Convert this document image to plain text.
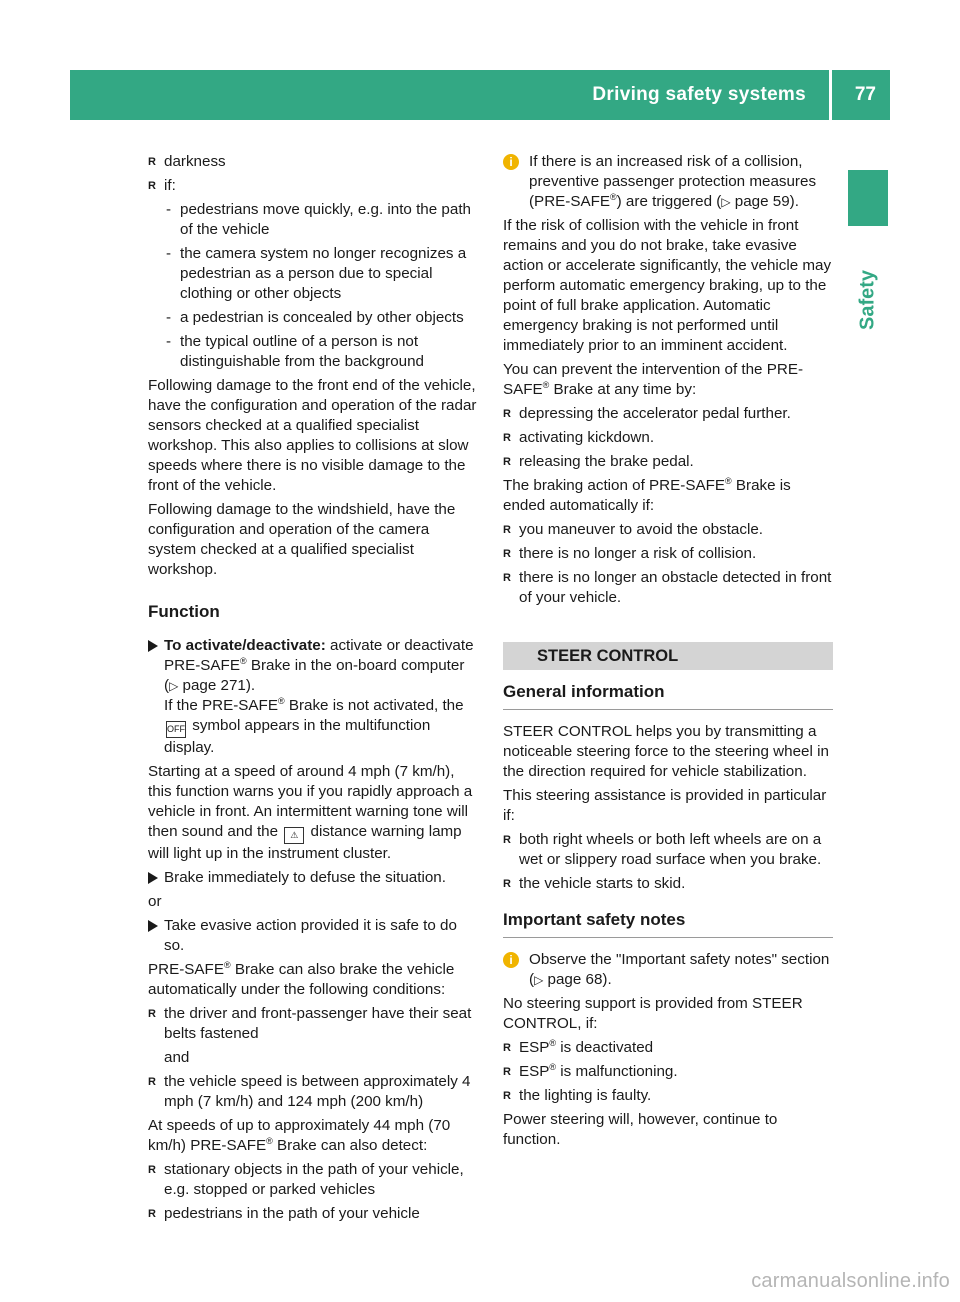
Driving safety systems	77
Safety
R darkness
R if:
- pedestrians move quickly, e.g. into the path of the vehicle
- the camera system no longer recognizes a pedestrian as a person due to special clothing or other objects
- a pedestrian is concealed by other objects
- the typical outline of a person is not distinguishable from the background

Following damage to the front end of the vehicle, have the configuration and operation of the radar sensors checked at a qualified specialist workshop. This also applies to collisions at slow speeds where there is no visible damage to the front of the vehicle.

Following damage to the windshield, have the configuration and operation of the camera system checked at a qualified specialist workshop.

Function
To activate/deactivate: activate or deactivate PRE-SAFE® Brake in the on-board computer (▷ page 271).
If the PRE-SAFE® Brake is not activated, the
OFF symbol appears in the multifunction display.

Starting at a speed of around 4 mph (7 km/h), this function warns you if you rapidly approach a vehicle in front. An intermittent warning tone will then sound and the ⚠ distance warning lamp will light up in the instrument cluster.

Brake immediately to defuse the situation.

or

Take evasive action provided it is safe to do so.

PRE-SAFE® Brake can also brake the vehicle automatically under the following conditions:

R the driver and front-passenger have their seat belts fastened

and

R the vehicle speed is between approximately 4 mph (7 km/h) and 124 mph (200 km/h)

At speeds of up to approximately 44 mph (70 km/h) PRE-SAFE® Brake can also detect:

R stationary objects in the path of your vehicle, e.g. stopped or parked vehicles
R pedestrians in the path of your vehicle
i	If there is an increased risk of a collision, preventive passenger protection measures (PRE-SAFE®) are triggered (▷ page 59).

If the risk of collision with the vehicle in front remains and you do not brake, take evasive action or accelerate significantly, the vehicle may perform automatic emergency braking, up to the point of full brake application. Automatic emergency braking is not performed until immediately prior to an imminent accident.

You can prevent the intervention of the PRE-SAFE® Brake at any time by:

R depressing the accelerator pedal further.
R activating kickdown.
R releasing the brake pedal.

The braking action of PRE-SAFE® Brake is ended automatically if:

R you maneuver to avoid the obstacle.
R there is no longer a risk of collision.
R there is no longer an obstacle detected in front of your vehicle.
STEER CONTROL
General information

STEER CONTROL helps you by transmitting a noticeable steering force to the steering wheel in the direction required for vehicle stabilization.

This steering assistance is provided in particular if:

R both right wheels or both left wheels are on a wet or slippery road surface when you brake.
R the vehicle starts to skid.
Important safety notes
i	Observe the "Important safety notes" section (▷ page 68).

No steering support is provided from STEER CONTROL, if:

R ESP® is deactivated
R ESP® is malfunctioning.
R the lighting is faulty.

Power steering will, however, continue to function.

carmanualsonline.info
